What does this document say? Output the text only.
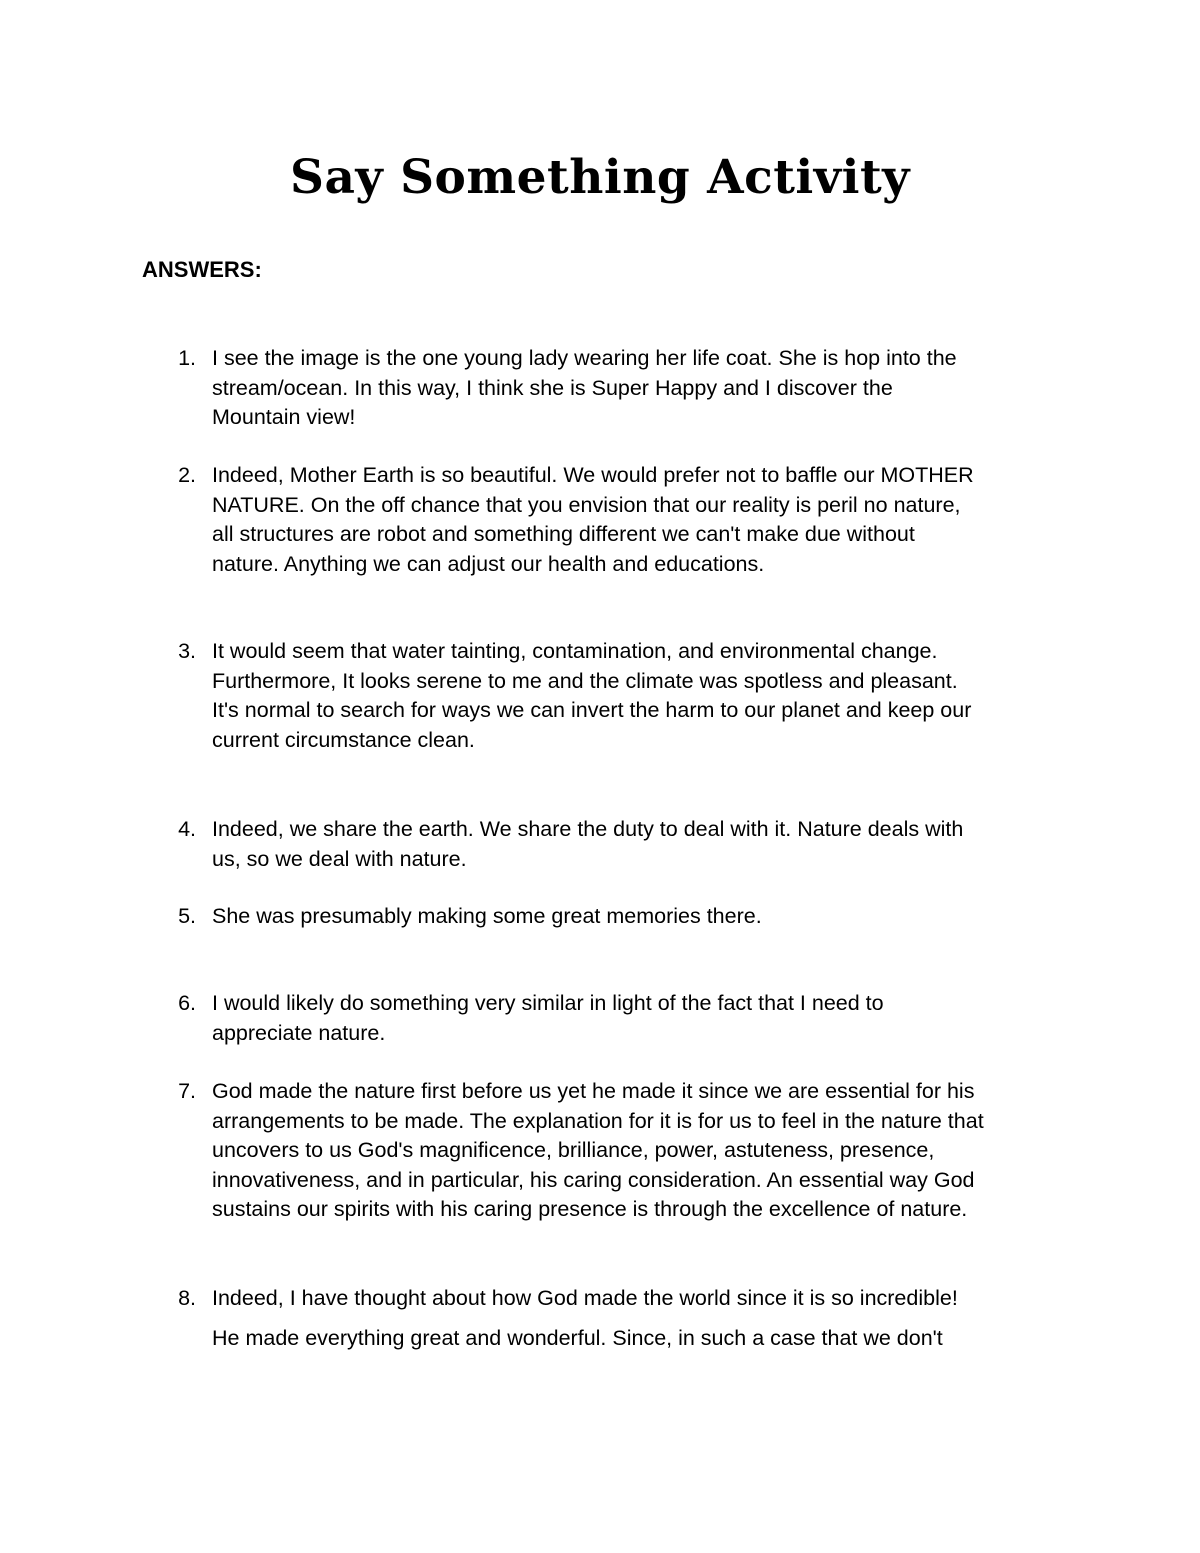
Say Something Activity
ANSWERS:
1. I see the image is the one young lady wearing her life coat. She is hop into the
stream/ocean. In this way, I think she is Super Happy and I discover the
Mountain view!
2. Indeed, Mother Earth is so beautiful. We would prefer not to baffle our MOTHER
NATURE. On the off chance that you envision that our reality is peril no nature,
all structures are robot and something different we can't make due without
nature. Anything we can adjust our health and educations.
3. It would seem that water tainting, contamination, and environmental change.
Furthermore, It looks serene to me and the climate was spotless and pleasant.
It's normal to search for ways we can invert the harm to our planet and keep our
current circumstance clean.
4. Indeed, we share the earth. We share the duty to deal with it. Nature deals with
us, so we deal with nature.
5. She was presumably making some great memories there.
6. I would likely do something very similar in light of the fact that I need to
appreciate nature.
7. God made the nature first before us yet he made it since we are essential for his
arrangements to be made. The explanation for it is for us to feel in the nature that
uncovers to us God's magnificence, brilliance, power, astuteness, presence,
innovativeness, and in particular, his caring consideration. An essential way God
sustains our spirits with his caring presence is through the excellence of nature.
8. Indeed, I have thought about how God made the world since it is so incredible!
He made everything great and wonderful. Since, in such a case that we don't
